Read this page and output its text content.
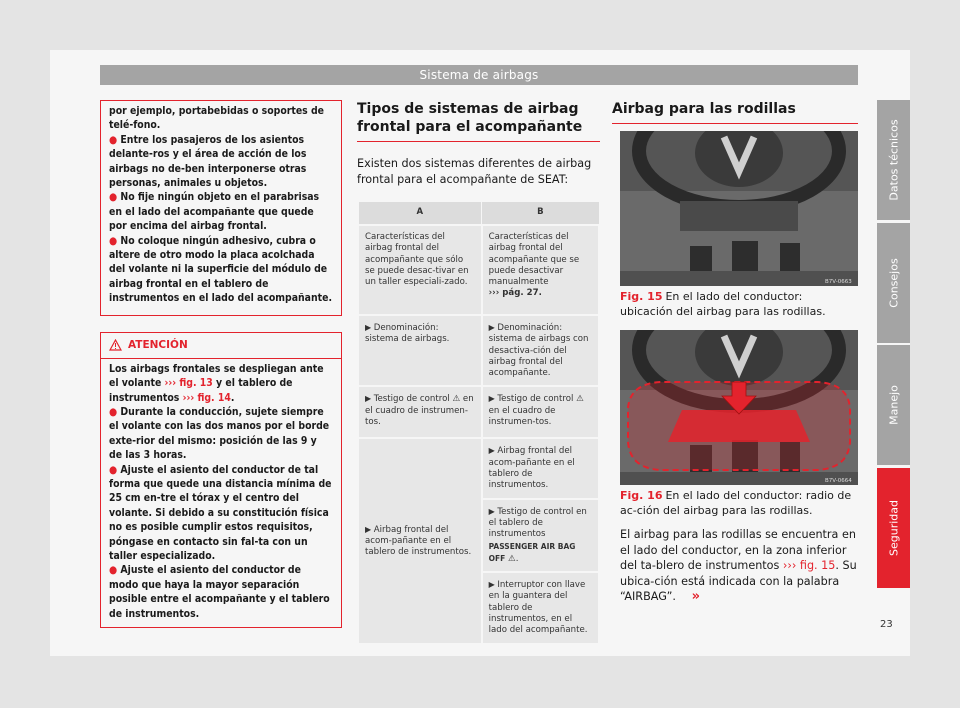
Sistema de airbags
por ejemplo, portabebidas o soportes de telé-fono.
● Entre los pasajeros de los asientos delante-ros y el área de acción de los airbags no de-ben interponerse otras personas, animales u objetos.
● No fije ningún objeto en el parabrisas en el lado del acompañante que quede por encima del airbag frontal.
● No coloque ningún adhesivo, cubra o altere de otro modo la placa acolchada del volante ni la superficie del módulo de airbag frontal en el tablero de instrumentos en el lado del acompañante.
ATENCIÓN
Los airbags frontales se despliegan ante el volante ››› fig. 13 y el tablero de instrumentos ››› fig. 14.
● Durante la conducción, sujete siempre el volante con las dos manos por el borde exte-rior del mismo: posición de las 9 y de las 3 horas.
● Ajuste el asiento del conductor de tal forma que quede una distancia mínima de 25 cm en-tre el tórax y el centro del volante. Si debido a su constitución física no es posible cumplir estos requisitos, póngase en contacto sin fal-ta con un taller especializado.
● Ajuste el asiento del conductor de modo que haya la mayor separación posible entre el acompañante y el tablero de instrumentos.
Tipos de sistemas de airbag frontal para el acompañante
Existen dos sistemas diferentes de airbag frontal para el acompañante de SEAT:
A	B
Características del airbag frontal del acompañante que sólo se puede desac-tivar en un taller especiali-zado.	Características del airbag frontal del acompañante que se puede desactivar manualmente
››› pág. 27.
▶ Denominación: sistema de airbags.	▶ Denominación: sistema de airbags con desactiva-ción del airbag frontal del acompañante.
▶ Testigo de control ⚠ en el cuadro de instrumen-tos.	▶ Testigo de control ⚠ en el cuadro de instrumen-tos.
▶ Airbag frontal del acom-pañante en el tablero de instrumentos.	▶ Airbag frontal del acom-pañante en el tablero de instrumentos.
	▶ Testigo de control en el tablero de instrumentos
PASSENGER AIR BAG OFF ⚠.
	▶ Interruptor con llave en la guantera del tablero de instrumentos, en el lado del acompañante.
Airbag para las rodillas
B7V-0663
Fig. 15 En el lado del conductor: ubicación del airbag para las rodillas.
B7V-0664
Fig. 16 En el lado del conductor: radio de ac-ción del airbag para las rodillas.
El airbag para las rodillas se encuentra en el lado del conductor, en la zona inferior del ta-blero de instrumentos ››› fig. 15. Su ubica-ción está indicada con la palabra “AIRBAG”. »
Datos técnicos
Consejos
Manejo
Seguridad
23
